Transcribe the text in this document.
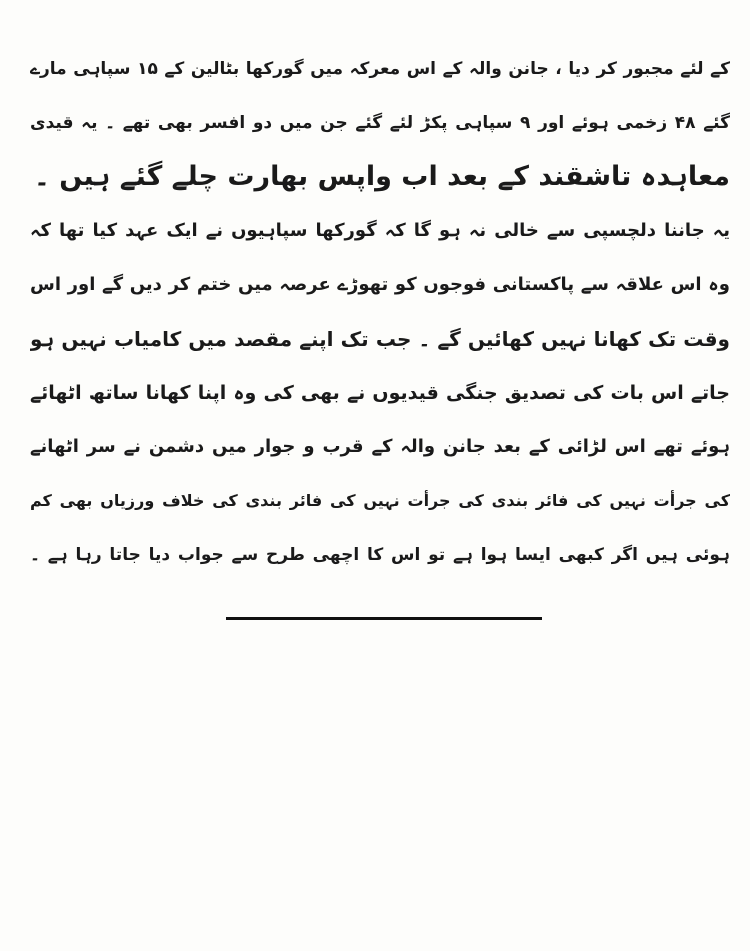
کے لئے مجبور کر دیا ، جانن والہ کے اس معرکہ میں گورکھا بٹالین کے ۱۵ سپاہی مارے
گئے ۴۸ زخمی ہوئے اور ۹ سپاہی پکڑ لئے گئے جن میں دو افسر بھی تھے ۔ یہ قیدی
معاہدہ تاشقند کے بعد اب واپس بھارت چلے گئے ہیں ۔
یہ جاننا دلچسپی سے خالی نہ ہو گا کہ گورکھا سپاہیوں نے ایک عہد کیا تھا کہ
وہ اس علاقہ سے پاکستانی فوجوں کو تھوڑے عرصہ میں ختم کر دیں گے اور اس
وقت تک کھانا نہیں کھائیں گے ۔ جب تک اپنے مقصد میں کامیاب نہیں ہو
جاتے اس بات کی تصدیق جنگی قیدیوں نے بھی کی وہ اپنا کھانا ساتھ اٹھائے
ہوئے تھے اس لڑائی کے بعد جانن والہ کے قرب و جوار میں دشمن نے سر اٹھانے
کی جرأت نہیں کی فائر بندی کی جرأت نہیں کی فائر بندی کی خلاف ورزیاں بھی کم
ہوئی ہیں اگر کبھی ایسا ہوا ہے تو اس کا اچھی طرح سے جواب دیا جاتا رہا ہے ۔
